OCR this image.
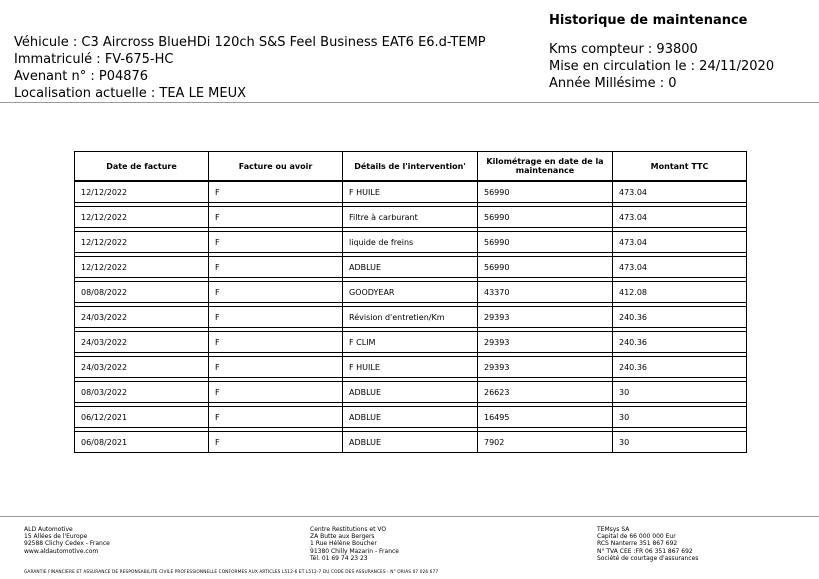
Véhicule : C3 Aircross BlueHDi 120ch S&S Feel Business EAT6 E6.d-TEMP
Immatriculé : FV-675-HC
Avenant n° : P04876
Localisation actuelle : TEA LE MEUX
Historique de maintenance
Kms compteur : 93800
Mise en circulation le : 24/11/2020
Année Millésime : 0
Date de facture	Facture ou avoir	Détails de l'intervention'	Kilométrage en date de la maintenance	Montant TTC
12/12/2022	F	F HUILE	56990	473.04

12/12/2022	F	Filtre à carburant	56990	473.04

12/12/2022	F	liquide de freins	56990	473.04

12/12/2022	F	ADBLUE	56990	473.04

08/08/2022	F	GOODYEAR	43370	412.08

24/03/2022	F	Révision d'entretien/Km	29393	240.36

24/03/2022	F	F CLIM	29393	240.36

24/03/2022	F	F HUILE	29393	240.36

08/03/2022	F	ADBLUE	26623	30

06/12/2021	F	ADBLUE	16495	30

06/08/2021	F	ADBLUE	7902	30
ALD Automotive
15 Allées de l'Europe
92588 Clichy Cedex - France
www.aldautomotive.com
Centre Restitutions et VO
ZA Butte aux Bergers
1 Rue Hélène Boucher
91380 Chilly Mazarin - France
Tél. 01 69 74 23 23
TEMsys SA
Capital de 66 000 000 Eur
RCS Nanterre 351 867 692
N° TVA CEE :FR 06 351 867 692
Société de courtage d'assurances
GARANTIE FINANCIERE ET ASSURANCE DE RESPONSABILITE CIVILE PROFESSIONNELLE CONFORMES AUX ARTICLES L512-6 ET L512-7 DU CODE DES ASSURANCES - N° ORIAS 07 026 677
